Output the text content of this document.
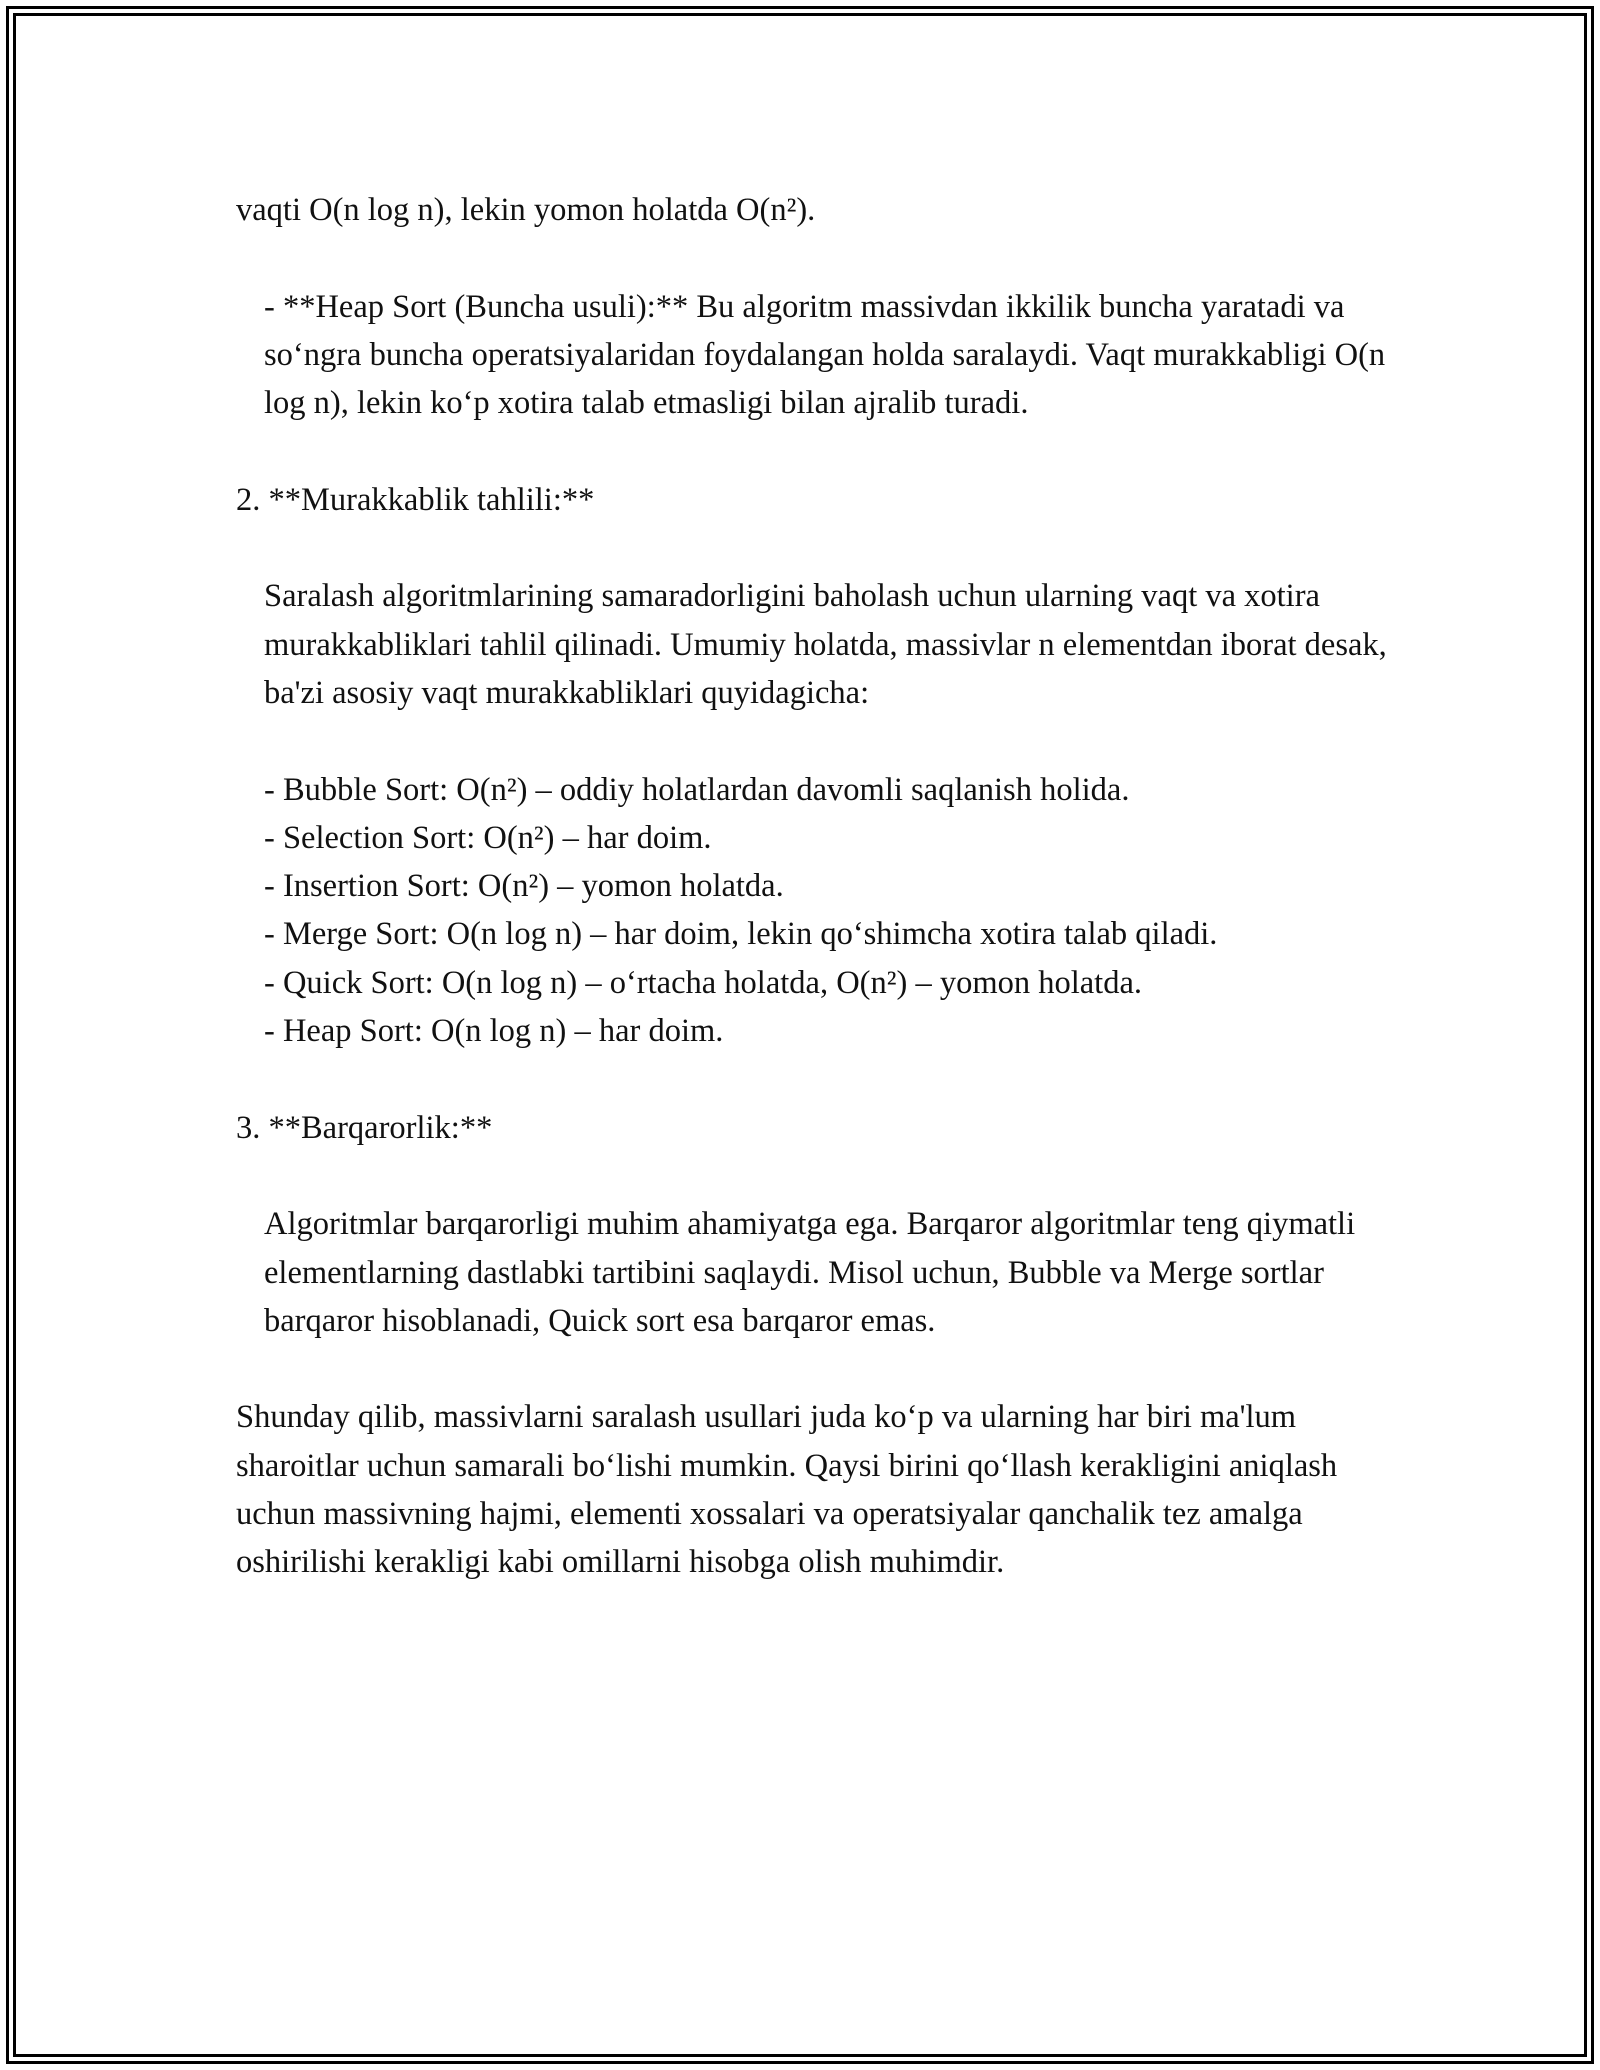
vaqti O(n log n), lekin yomon holatda O(n²).

- **Heap Sort (Buncha usuli):** Bu algoritm massivdan ikkilik buncha yaratadi va so‘ngra buncha operatsiyalaridan foydalangan holda saralaydi. Vaqt murakkabligi O(n log n), lekin ko‘p xotira talab etmasligi bilan ajralib turadi.

2. **Murakkablik tahlili:**

Saralash algoritmlarining samaradorligini baholash uchun ularning vaqt va xotira murakkabliklari tahlil qilinadi. Umumiy holatda, massivlar n elementdan iborat desak, ba'zi asosiy vaqt murakkabliklari quyidagicha:

- Bubble Sort: O(n²) – oddiy holatlardan davomli saqlanish holida.
- Selection Sort: O(n²) – har doim.
- Insertion Sort: O(n²) – yomon holatda.
- Merge Sort: O(n log n) – har doim, lekin qo‘shimcha xotira talab qiladi.
- Quick Sort: O(n log n) – o‘rtacha holatda, O(n²) – yomon holatda.
- Heap Sort: O(n log n) – har doim.

3. **Barqarorlik:**

Algoritmlar barqarorligi muhim ahamiyatga ega. Barqaror algoritmlar teng qiymatli elementlarning dastlabki tartibini saqlaydi. Misol uchun, Bubble va Merge sortlar barqaror hisoblanadi, Quick sort esa barqaror emas.

Shunday qilib, massivlarni saralash usullari juda ko‘p va ularning har biri ma'lum sharoitlar uchun samarali bo‘lishi mumkin. Qaysi birini qo‘llash kerakligini aniqlash uchun massivning hajmi, elementi xossalari va operatsiyalar qanchalik tez amalga oshirilishi kerakligi kabi omillarni hisobga olish muhimdir.
